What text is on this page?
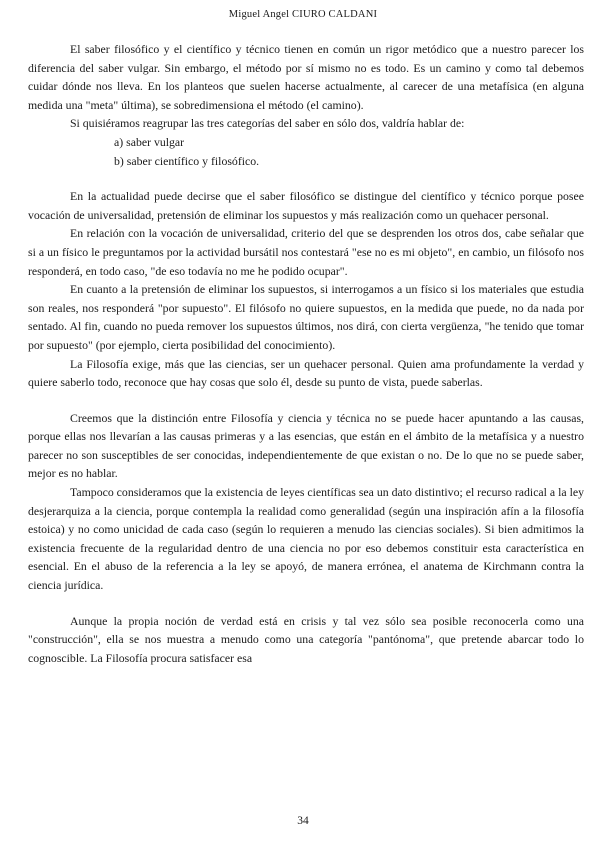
Miguel Angel CIURO CALDANI

El saber filosófico y el científico y técnico tienen en común un rigor metódico que a nuestro parecer los diferencia del saber vulgar. Sin embargo, el método por sí mismo no es todo. Es un camino y como tal debemos cuidar dónde nos lleva. En los planteos que suelen hacerse actualmente, al carecer de una metafísica (en alguna medida una "meta" última), se sobredimensiona el método (el camino).

Si quisiéramos reagrupar las tres categorías del saber en sólo dos, valdría hablar de:

a) saber vulgar
b) saber científico y filosófico.

En la actualidad puede decirse que el saber filosófico se distingue del científico y técnico porque posee vocación de universalidad, pretensión de eliminar los supuestos y más realización como un quehacer personal.

En relación con la vocación de universalidad, criterio del que se desprenden los otros dos, cabe señalar que si a un físico le preguntamos por la actividad bursátil nos contestará "ese no es mi objeto", en cambio, un filósofo nos responderá, en todo caso, "de eso todavía no me he podido ocupar".

En cuanto a la pretensión de eliminar los supuestos, si interrogamos a un físico si los materiales que estudia son reales, nos responderá "por supuesto". El filósofo no quiere supuestos, en la medida que puede, no da nada por sentado. Al fin, cuando no pueda remover los supuestos últimos, nos dirá, con cierta vergüenza, "he tenido que tomar por supuesto" (por ejemplo, cierta posibilidad del conocimiento).

La Filosofía exige, más que las ciencias, ser un quehacer personal. Quien ama profundamente la verdad y quiere saberlo todo, reconoce que hay cosas que solo él, desde su punto de vista, puede saberlas.

Creemos que la distinción entre Filosofía y ciencia y técnica no se puede hacer apuntando a las causas, porque ellas nos llevarían a las causas primeras y a las esencias, que están en el ámbito de la metafísica y a nuestro parecer no son susceptibles de ser conocidas, independientemente de que existan o no. De lo que no se puede saber, mejor es no hablar.

Tampoco consideramos que la existencia de leyes científicas sea un dato distintivo; el recurso radical a la ley desjerarquiza a la ciencia, porque contempla la realidad como generalidad (según una inspiración afín a la filosofía estoica) y no como unicidad de cada caso (según lo requieren a menudo las ciencias sociales). Si bien admitimos la existencia frecuente de la regularidad dentro de una ciencia no por eso debemos constituir esta característica en esencial. En el abuso de la referencia a la ley se apoyó, de manera errónea, el anatema de Kirchmann contra la ciencia jurídica.

Aunque la propia noción de verdad está en crisis y tal vez sólo sea posible reconocerla como una "construcción", ella se nos muestra a menudo como una categoría "pantónoma", que pretende abarcar todo lo cognoscible. La Filosofía procura satisfacer esa

34
